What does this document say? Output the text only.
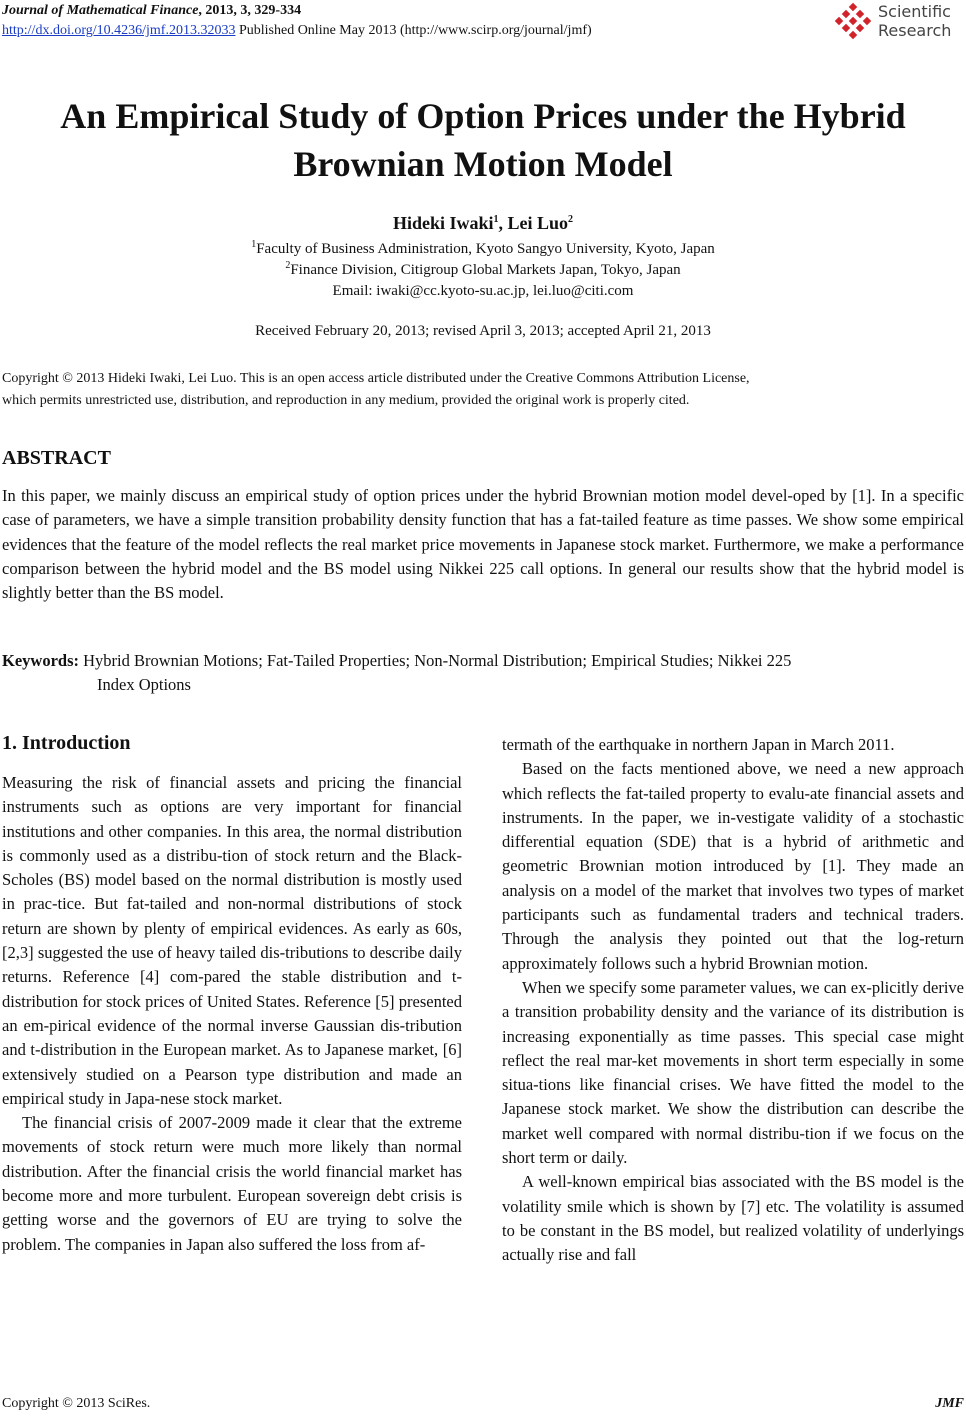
Journal of Mathematical Finance, 2013, 3, 329-334
http://dx.doi.org/10.4236/jmf.2013.32033 Published Online May 2013 (http://www.scirp.org/journal/jmf)
Scientific
Research
An Empirical Study of Option Prices under the Hybrid
Brownian Motion Model
Hideki Iwaki$^1$, Lei Luo$^2$
$^1$Faculty of Business Administration, Kyoto Sangyo University, Kyoto, Japan
$^2$Finance Division, Citigroup Global Markets Japan, Tokyo, Japan
Email: iwaki@cc.kyoto-su.ac.jp, lei.luo@citi.com
Received February 20, 2013; revised April 3, 2013; accepted April 21, 2013
Copyright © 2013 Hideki Iwaki, Lei Luo. This is an open access article distributed under the Creative Commons Attribution License,
which permits unrestricted use, distribution, and reproduction in any medium, provided the original work is properly cited.
ABSTRACT
In this paper, we mainly discuss an empirical study of option prices under the hybrid Brownian motion model devel-oped by [1]. In a specific case of parameters, we have a simple transition probability density function that has a fat-tailed feature as time passes. We show some empirical evidences that the feature of the model reflects the real market price movements in Japanese stock market. Furthermore, we make a performance comparison between the hybrid model and the BS model using Nikkei 225 call options. In general our results show that the hybrid model is slightly better than the BS model.
Keywords: Hybrid Brownian Motions; Fat-Tailed Properties; Non-Normal Distribution; Empirical Studies; Nikkei 225
Index Options
1. Introduction

Measuring the risk of financial assets and pricing the financial instruments such as options are very important for financial institutions and other companies. In this area, the normal distribution is commonly used as a distribu-tion of stock return and the Black-Scholes (BS) model based on the normal distribution is mostly used in prac-tice. But fat-tailed and non-normal distributions of stock return are shown by plenty of empirical evidences. As early as 60s, [2,3] suggested the use of heavy tailed dis-tributions to describe daily returns. Reference [4] com-pared the stable distribution and t-distribution for stock prices of United States. Reference [5] presented an em-pirical evidence of the normal inverse Gaussian dis-tribution and t-distribution in the European market. As to Japanese market, [6] extensively studied on a Pearson type distribution and made an empirical study in Japa-nese stock market.

The financial crisis of 2007-2009 made it clear that the extreme movements of stock return were much more likely than normal distribution. After the financial crisis the world financial market has become more and more turbulent. European sovereign debt crisis is getting worse and the governors of EU are trying to solve the problem. The companies in Japan also suffered the loss from af-

termath of the earthquake in northern Japan in March 2011.

Based on the facts mentioned above, we need a new approach which reflects the fat-tailed property to evalu-ate financial assets and instruments. In the paper, we in-vestigate validity of a stochastic differential equation (SDE) that is a hybrid of arithmetic and geometric Brownian motion introduced by [1]. They made an analysis on a model of the market that involves two types of market participants such as fundamental traders and technical traders. Through the analysis they pointed out that the log-return approximately follows such a hybrid Brownian motion.

When we specify some parameter values, we can ex-plicitly derive a transition probability density and the variance of its distribution is increasing exponentially as time passes. This special case might reflect the real mar-ket movements in short term especially in some situa-tions like financial crises. We have fitted the model to the Japanese stock market. We show the distribution can describe the market well compared with normal distribu-tion if we focus on the short term or daily.

A well-known empirical bias associated with the BS model is the volatility smile which is shown by [7] etc. The volatility is assumed to be constant in the BS model, but realized volatility of underlyings actually rise and fall

Copyright © 2013 SciRes.	JMF
